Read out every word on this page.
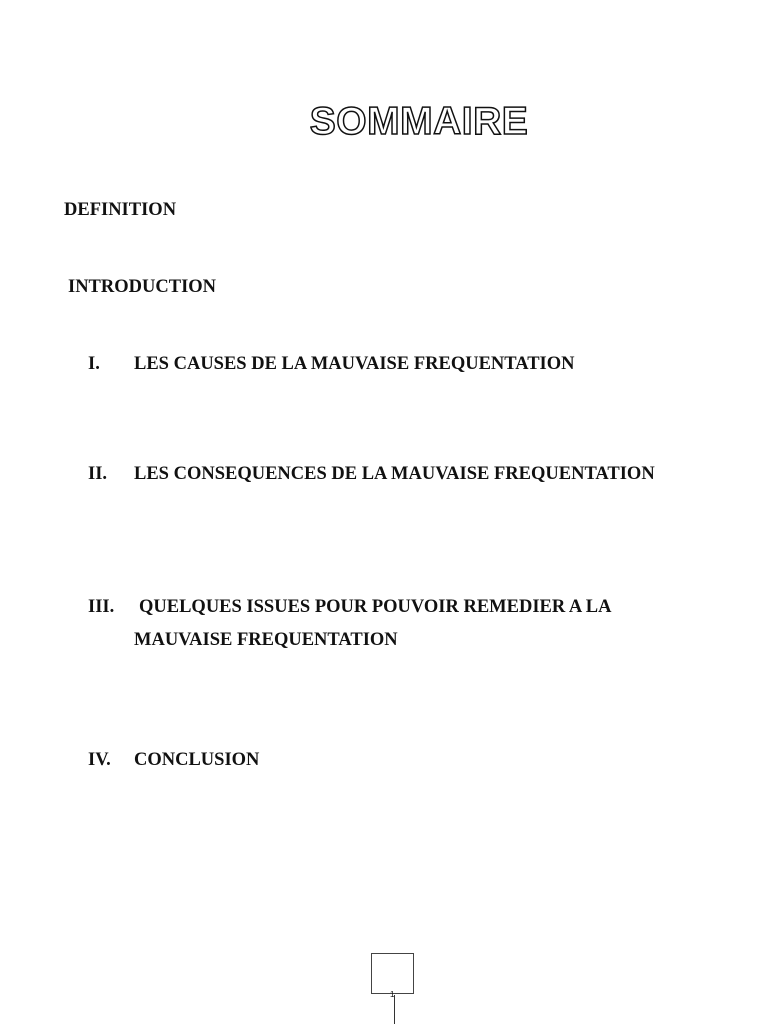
SOMMAIRE
DEFINITION
INTRODUCTION
I. LES CAUSES DE LA MAUVAISE FREQUENTATION
II. LES CONSEQUENCES DE LA MAUVAISE FREQUENTATION
III. QUELQUES ISSUES POUR POUVOIR REMEDIER A LA
MAUVAISE FREQUENTATION
IV. CONCLUSION
1
